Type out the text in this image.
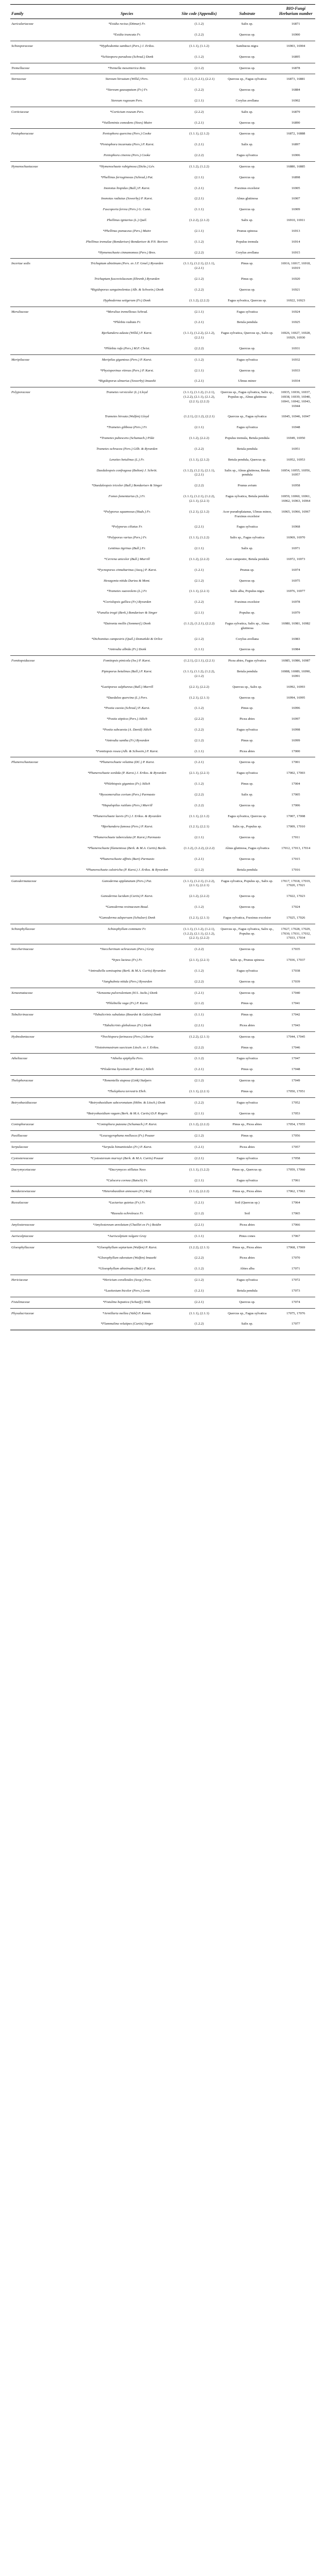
Family	Species	Site code (Appendix)	Substrate	BIO-Fungi Herbarium number
Auriculariaceae	*Exidia recisa (Ditmar) Fr.	(1.1.2)	Salix sp.	16871
	*Exidia truncata Fr.	(1.2.2)	Quercus sp.	16900
Schizoporaceae	*Hyphodontia sambuci (Pers.) J. Erikss.	(1.1.1), (1.1.2)	Sambucus nigra	16903, 16904
	*Schizopora paradoxa (Schrad.) Donk	(1.1.2)	Quercus sp.	16895
Tremellaceae	*Tremella mesenterica Retz.	(2.1.2)	Quercus sp.	16878
Stereaceae	Stereum hirsutum (Willd.) Pers.	(1.1.1), (1.2.1), (2.2.1)	Quercus sp., Fagus sylvatica	16873, 16881
	*Stereum gausapatum (Fr.) Fr.	(1.2.2)	Quercus sp.	16884
	Stereum rugosum Pers.	(2.1.1)	Corylus avellana	16902
Corticiaceae	*Corticium roseum Pers.	(2.2.2)	Salix sp.	16879
	*Vuilleminia comedens (Nees) Maire	(1.2.1)	Quercus sp.	16890
Peniophoraceae	Peniophora quercina (Pers.) Cooke	(1.1.1), (2.1.2)	Quercus sp.	16872, 16888
	*Peniophora incarnata (Pers.) P. Karst.	(1.2.1)	Salix sp.	16897
	Peniophora cinerea (Pers.) Cooke	(2.2.2)	Fagus sylvatica	16906
Hymenochaetaceae	*Hymenochaete rubiginosa (Dicks.) Lév.	(1.1.2), (1.2.2)	Quercus sp.	16880, 16885
	*Phellinus ferruginosus (Schrad.) Pat.	(2.1.1)	Quercus sp.	16898
	Inonotus hispidus (Bull.) P. Karst.	(1.2.1)	Fraxinus excelsior	16905
	Inonotus radiatus (Sowerby) P. Karst.	(2.2.1)	Alnus glutinosa	16907
	Fuscoporia ferrea (Pers.) G. Cunn.	(1.1.1)	Quercus sp.	16909
	Phellinus igniarius (L.) Quél.	(1.2.2), (2.1.2)	Salix sp.	16910, 16911
	*Phellinus pomaceus (Pers.) Maire	(2.1.1)	Prunus spinosa	16913
	Phellinus tremulae (Bondartsev) Bondartsev & P.N. Borisov	(1.1.2)	Populus tremula	16914
	*Hymenochaete cinnamomea (Pers.) Bres.	(2.2.2)	Corylus avellana	16915
Incertae sedis	Trichaptum abietinum (Pers. ex J.F. Gmel.) Ryvarden	(1.1.1), (1.2.1), (2.1.1), (2.2.1)	Pinus sp.	16916, 16917, 16918, 16919
	Trichaptum fuscoviolaceum (Ehrenb.) Ryvarden	(2.1.2)	Pinus sp.	16920
	*Rigidoporus sanguinolentus (Alb. & Schwein.) Donk	(1.2.2)	Quercus sp.	16921
	Hyphoderma setigerum (Fr.) Donk	(1.1.2), (2.2.2)	Fagus sylvatica, Quercus sp.	16922, 16923
Meruliaceae	*Merulius tremellosus Schrad.	(2.1.1)	Fagus sylvatica	16924
	*Phlebia radiata Fr.	(1.2.1)	Betula pendula	16925
	Bjerkandera adusta (Willd.) P. Karst.	(1.1.1), (1.2.2), (2.1.2), (2.2.1)	Fagus sylvatica, Quercus sp., Salix sp.	16926, 16927, 16928, 16929, 16930
	*Phlebia rufa (Pers.) M.P. Christ.	(2.2.2)	Quercus sp.	16931
Meripilaceae	Meripilus giganteus (Pers.) P. Karst.	(1.1.2)	Fagus sylvatica	16932
	*Physisporinus vitreus (Pers.) P. Karst.	(2.1.1)	Quercus sp.	16933
	*Rigidoporus ulmarius (Sowerby) Imazeki	(1.2.1)	Ulmus minor	16934
Polyporaceae	Trametes versicolor (L.) Lloyd	(1.1.1), (1.1.2), (1.2.1), (1.2.2), (2.1.1), (2.1.2), (2.2.1), (2.2.2)	Quercus sp., Fagus sylvatica, Salix sp., Populus sp., Alnus glutinosa	16935, 16936, 16937, 16938, 16939, 16940, 16941, 16942, 16943, 16944
	Trametes hirsuta (Wulfen) Lloyd	(1.2.1), (2.1.2), (2.2.1)	Quercus sp., Fagus sylvatica	16945, 16946, 16947
	*Trametes gibbosa (Pers.) Fr.	(2.1.1)	Fagus sylvatica	16948
	*Trametes pubescens (Schumach.) Pilát	(1.1.2), (2.2.2)	Populus tremula, Betula pendula	16949, 16950
	Trametes ochracea (Pers.) Gilb. & Ryvarden	(1.2.2)	Betula pendula	16951
	Lenzites betulinus (L.) Fr.	(1.1.1), (2.1.2)	Betula pendula, Quercus sp.	16952, 16953
	Daedaleopsis confragosa (Bolton) J. Schröt.	(1.1.2), (1.2.1), (2.1.1), (2.2.1)	Salix sp., Alnus glutinosa, Betula pendula	16954, 16955, 16956, 16957
	*Daedaleopsis tricolor (Bull.) Bondartsev & Singer	(2.2.2)	Prunus avium	16958
	Fomes fomentarius (L.) Fr.	(1.1.1), (1.2.1), (1.2.2), (2.1.1), (2.2.1)	Fagus sylvatica, Betula pendula	16959, 16960, 16961, 16962, 16963, 16964
	*Polyporus squamosus (Huds.) Fr.	(1.2.1), (2.1.2)	Acer pseudoplatanus, Ulmus minor, Fraxinus excelsior	16965, 16966, 16967
	*Polyporus ciliatus Fr.	(2.2.1)	Fagus sylvatica	16968
	*Polyporus varius (Pers.) Fr.	(1.1.1), (1.2.2)	Salix sp., Fagus sylvatica	16969, 16970
	Lentinus tigrinus (Bull.) Fr.	(2.1.1)	Salix sp.	16971
	*Cerrena unicolor (Bull.) Murrill	(1.1.2), (2.2.2)	Acer campestre, Betula pendula	16972, 16973
	*Pycnoporus cinnabarinus (Jacq.) P. Karst.	(1.2.1)	Prunus sp.	16974
	Hexagonia nitida Durieu & Mont.	(2.1.2)	Quercus sp.	16975
	*Trametes suaveolens (L.) Fr.	(1.1.1), (2.2.1)	Salix alba, Populus nigra	16976, 16977
	*Coriolopsis gallica (Fr.) Ryvarden	(1.2.2)	Fraxinus excelsior	16978
	*Funalia trogii (Berk.) Bondartsev & Singer	(2.1.1)	Populus sp.	16979
	*Datronia mollis (Sommerf.) Donk	(1.1.2), (1.2.1), (2.2.2)	Fagus sylvatica, Salix sp., Alnus glutinosa	16980, 16981, 16982
	*Dichomitus campestris (Quél.) Domański & Orlicz	(2.1.2)	Corylus avellana	16983
	*Antrodia albida (Fr.) Donk	(1.1.1)	Quercus sp.	16984
Fomitopsidaceae	Fomitopsis pinicola (Sw.) P. Karst.	(1.2.1), (2.1.1), (2.2.1)	Picea abies, Fagus sylvatica	16985, 16986, 16987
	Piptoporus betulinus (Bull.) P. Karst.	(1.1.1), (1.1.2), (1.2.2), (2.1.2)	Betula pendula	16988, 16989, 16990, 16991
	*Laetiporus sulphureus (Bull.) Murrill	(2.2.1), (2.2.2)	Quercus sp., Salix sp.	16992, 16993
	*Daedalea quercina (L.) Pers.	(1.2.1), (2.1.1)	Quercus sp.	16994, 16995
	*Postia caesia (Schrad.) P. Karst.	(1.1.2)	Pinus sp.	16996
	*Postia stiptica (Pers.) Jülich	(2.2.2)	Picea abies	16997
	*Postia subcaesia (A. David) Jülich	(1.2.2)	Fagus sylvatica	16998
	*Antrodia xantha (Fr.) Ryvarden	(2.1.2)	Pinus sp.	16999
	*Fomitopsis rosea (Alb. & Schwein.) P. Karst.	(1.1.1)	Picea abies	17000
Phanerochaetaceae	*Phanerochaete velutina (DC.) P. Karst.	(1.2.1)	Quercus sp.	17001
	*Phanerochaete sordida (P. Karst.) J. Erikss. & Ryvarden	(2.1.1), (2.2.1)	Fagus sylvatica	17002, 17003
	*Phlebiopsis gigantea (Fr.) Jülich	(1.1.2)	Pinus sp.	17004
	*Byssomerulius corium (Pers.) Parmasto	(2.2.2)	Salix sp.	17005
	*Hapalopilus rutilans (Pers.) Murrill	(1.2.2)	Quercus sp.	17006
	*Phanerochaete laevis (Fr.) J. Erikss. & Ryvarden	(1.1.1), (2.1.2)	Fagus sylvatica, Quercus sp.	17007, 17008
	*Bjerkandera fumosa (Pers.) P. Karst.	(1.2.1), (2.2.1)	Salix sp., Populus sp.	17009, 17010
	*Phanerochaete tuberculata (P. Karst.) Parmasto	(2.1.1)	Quercus sp.	17011
	*Phanerochaete filamentosa (Berk. & M.A. Curtis) Burds.	(1.1.2), (1.2.2), (2.2.2)	Alnus glutinosa, Fagus sylvatica	17012, 17013, 17014
	*Phanerochaete affinis (Burt) Parmasto	(1.2.1)	Quercus sp.	17015
	*Phanerochaete calotricha (P. Karst.) J. Erikss. & Ryvarden	(2.1.2)	Betula pendula	17016
Ganodermataceae	Ganoderma applanatum (Pers.) Pat.	(1.1.1), (1.2.1), (1.2.2), (2.1.1), (2.2.1)	Fagus sylvatica, Populus sp., Salix sp.	17017, 17018, 17019, 17020, 17021
	Ganoderma lucidum (Curtis) P. Karst.	(2.1.2), (2.2.2)	Quercus sp.	17022, 17023
	*Ganoderma resinaceum Boud.	(1.1.2)	Quercus sp.	17024
	*Ganoderma adspersum (Schulzer) Donk	(1.2.1), (2.1.1)	Fagus sylvatica, Fraxinus excelsior	17025, 17026
Schizophyllaceae	Schizophyllum commune Fr.	(1.1.1), (1.1.2), (1.2.1), (1.2.2), (2.1.1), (2.1.2), (2.2.1), (2.2.2)	Quercus sp., Fagus sylvatica, Salix sp., Populus sp.	17027, 17028, 17029, 17030, 17031, 17032, 17033, 17034
Steccherinaceae	*Steccherinum ochraceum (Pers.) Gray	(1.2.2)	Quercus sp.	17035
	*Irpex lacteus (Fr.) Fr.	(2.1.1), (2.2.1)	Salix sp., Prunus spinosa	17036, 17037
	*Antrodiella semisupina (Berk. & M.A. Curtis) Ryvarden	(1.1.2)	Fagus sylvatica	17038
	*Junghuhnia nitida (Pers.) Ryvarden	(2.2.2)	Quercus sp.	17039
Xenasmataceae	*Xenasma pulverulentum (H.S. Jacks.) Donk	(1.2.1)	Quercus sp.	17040
	*Phlebiella vaga (Fr.) P. Karst.	(2.1.2)	Pinus sp.	17041
Tubulicrinaceae	*Tubulicrinis subulatus (Bourdot & Galzin) Donk	(1.1.1)	Pinus sp.	17042
	*Tubulicrinis glebulosus (Fr.) Donk	(2.2.1)	Picea abies	17043
Hydnodontaceae	*Trechispora farinacea (Pers.) Liberta	(1.2.2), (2.1.1)	Quercus sp.	17044, 17045
	*Sistotremastrum suecicum Litsch. ex J. Erikss.	(2.2.2)	Pinus sp.	17046
Atheliaceae	*Athelia epiphylla Pers.	(1.1.2)	Fagus sylvatica	17047
	*Piloderma byssinum (P. Karst.) Jülich	(1.2.1)	Pinus sp.	17048
Thelephoraceae	*Tomentella stuposa (Link) Stalpers	(2.1.2)	Quercus sp.	17049
	*Thelephora terrestris Ehrh.	(1.1.1), (2.2.1)	Pinus sp.	17050, 17051
Botryobasidiaceae	*Botryobasidium subcoronatum (Höhn. & Litsch.) Donk	(1.2.2)	Fagus sylvatica	17052
	*Botryobasidium vagum (Berk. & M.A. Curtis) D.P. Rogers	(2.1.1)	Quercus sp.	17053
Coniophoraceae	*Coniophora puteana (Schumach.) P. Karst.	(1.1.2), (2.2.2)	Pinus sp., Picea abies	17054, 17055
Paxillaceae	*Leucogyrophana mollusca (Fr.) Pouzar	(2.1.2)	Pinus sp.	17056
Serpulaceae	*Serpula himantioides (Fr.) P. Karst.	(1.2.1)	Picea abies	17057
Cystostereaceae	*Cystostereum murrayi (Berk. & M.A. Curtis) Pouzar	(2.2.1)	Fagus sylvatica	17058
Dacrymycetaceae	*Dacrymyces stillatus Nees	(1.1.1), (1.2.2)	Pinus sp., Quercus sp.	17059, 17060
	*Calocera cornea (Batsch) Fr.	(2.1.1)	Fagus sylvatica	17061
Bondarzewiaceae	*Heterobasidion annosum (Fr.) Bref.	(1.1.2), (2.2.2)	Pinus sp., Picea abies	17062, 17063
Russulaceae	*Lactarius quietus (Fr.) Fr.	(1.2.1)	Soil (Quercus sp.)	17064
	*Russula ochroleuca Fr.	(2.1.2)	Soil	17065
Amylostereaceae	*Amylostereum areolatum (Chaillet ex Fr.) Boidin	(2.2.1)	Picea abies	17066
Auriscalpiaceae	*Auriscalpium vulgare Gray	(1.1.1)	Pinus cones	17067
Gloeophyllaceae	*Gloeophyllum sepiarium (Wulfen) P. Karst.	(1.2.2), (2.1.1)	Pinus sp., Picea abies	17068, 17069
	*Gloeophyllum odoratum (Wulfen) Imazeki	(2.2.2)	Picea abies	17070
	*Gloeophyllum abietinum (Bull.) P. Karst.	(1.1.2)	Abies alba	17071
Hericiaceae	*Hericium coralloides (Scop.) Pers.	(2.1.2)	Fagus sylvatica	17072
	*Laxitextum bicolor (Pers.) Lentz	(1.2.1)	Betula pendula	17073
Fistulinaceae	*Fistulina hepatica (Schaeff.) With.	(2.2.1)	Quercus sp.	17074
Physalacriaceae	*Armillaria mellea (Vahl) P. Kumm.	(1.1.1), (2.1.1)	Quercus sp., Fagus sylvatica	17075, 17076
	*Flammulina velutipes (Curtis) Singer	(1.2.2)	Salix sp.	17077
